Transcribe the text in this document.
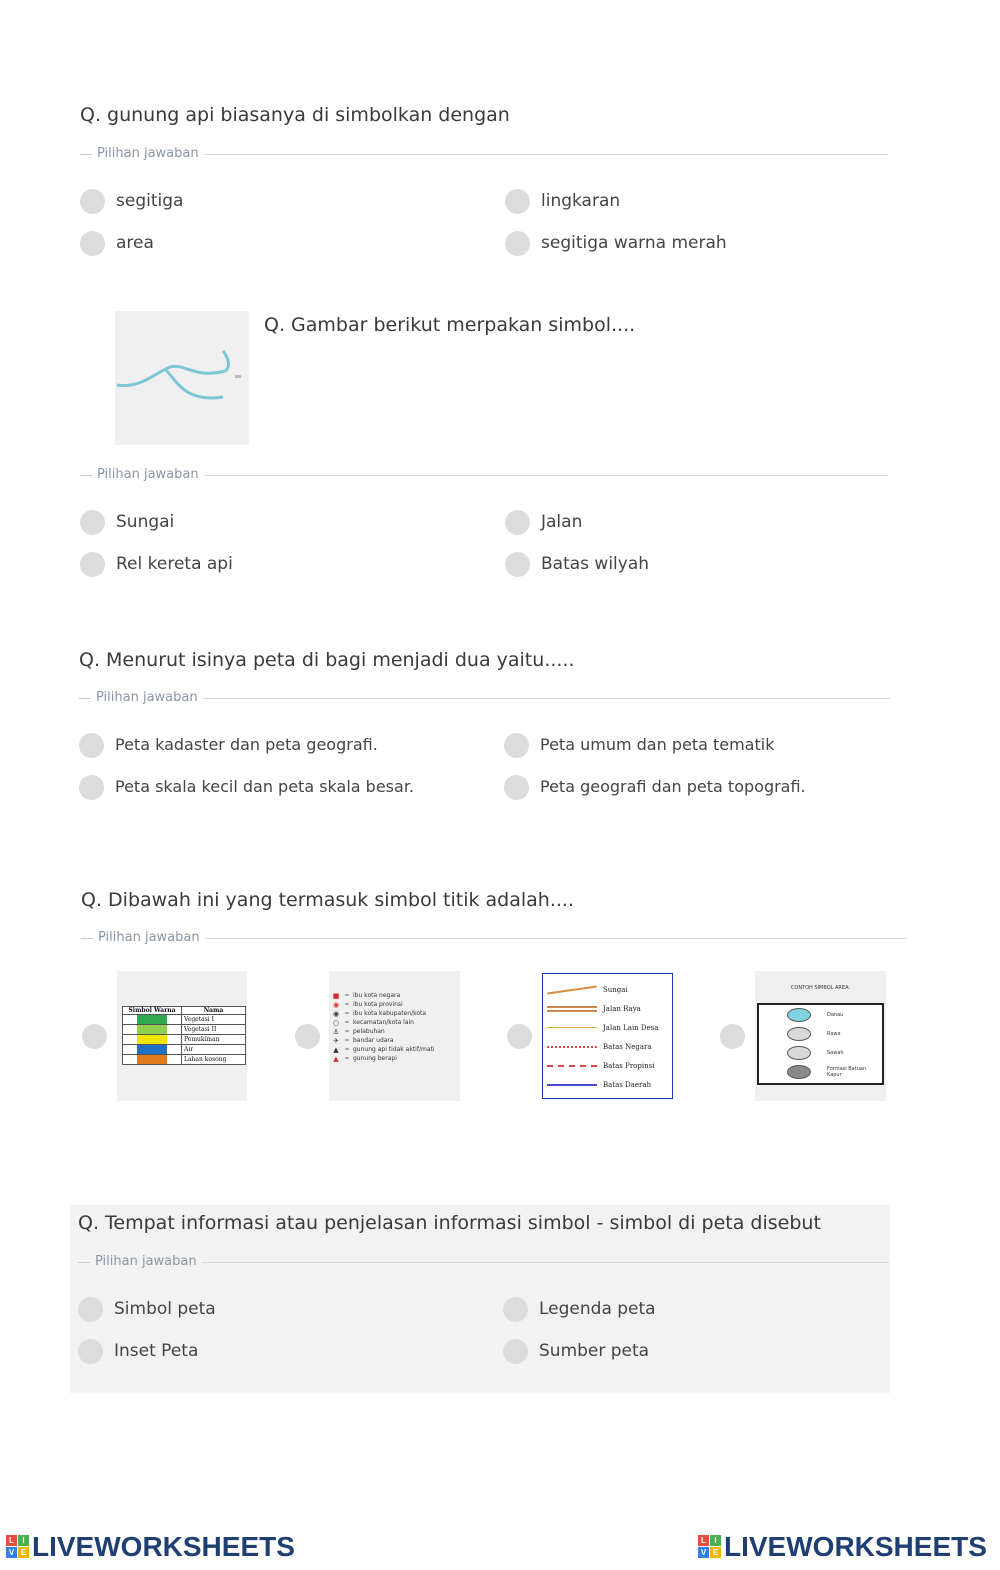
Q. gunung api biasanya di simbolkan dengan
Pilihan jawaban
segitiga	lingkaran
area	segitiga warna merah
Q. Gambar berikut merpakan simbol....
Pilihan jawaban
Sungai	Jalan
Rel kereta api	Batas wilyah
Q. Menurut isinya peta di bagi menjadi dua yaitu.....
Pilihan jawaban
Peta kadaster dan peta geografi.	Peta umum dan peta tematik
Peta skala kecil dan peta skala besar.	Peta geografi dan peta topografi.
Q. Dibawah ini yang termasuk simbol titik adalah....
Pilihan jawaban
Simbol Warna	Nama
Vegetasi I
Vegetasi II
Pemukiman
Air
Lahan kosong
■ = ibu kota negara
◉ = ibu kota provinsi
◉ = ibu kota kabupaten/kota
○ = kecamatan/kota lain
⚓ = pelabuhan
✈ = bandar udara
▲ = gunung api tidak aktif/mati
▲ = gunung berapi
Sungai
Jalan Raya
Jalan Lain Desa
Batas Negara
Batas Propinsi
Batas Daerah
CONTOH SIMBOL AREA:
Danau
Rawa
Sawah
Formasi Batuan Kapur
Q. Tempat informasi atau penjelasan informasi simbol - simbol di peta disebut
Pilihan jawaban
Simbol peta	Legenda peta
Inset Peta	Sumber peta
L	I
V E LIVEWORKSHEETS	L	I
V E LIVEWORKSHEETS
